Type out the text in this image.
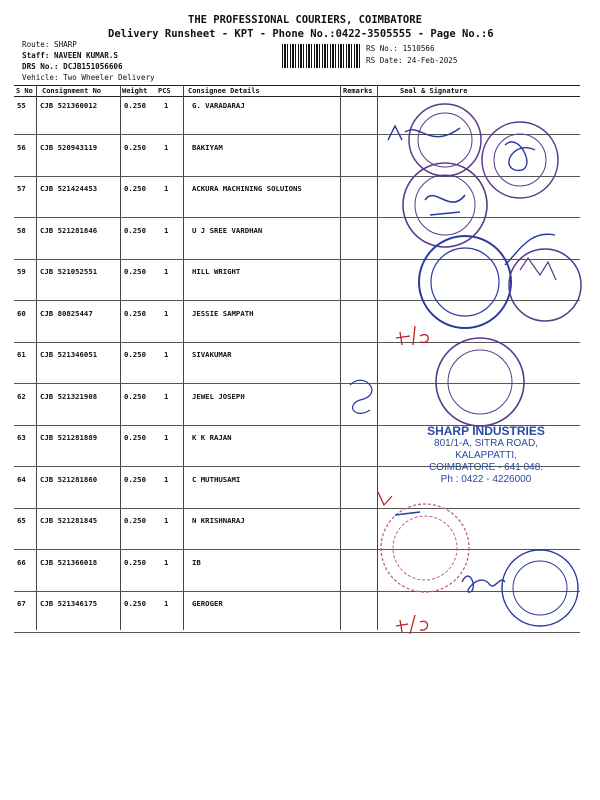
THE PROFESSIONAL COURIERS, COIMBATORE
Delivery Runsheet - KPT - Phone No.:0422-3505555 - Page No.:6
Route: SHARP
Staff: NAVEEN KUMAR.S
DRS No.: DCJB151056606
Vehicle: Two Wheeler Delivery
RS No.: 1510566
RS Date: 24-Feb-2025
S No Consignment No	Weight PCS Consignee Details	Remarks	Seal & Signature
55 CJB 521360012	0.250 1	G. VARADARAJ
56 CJB 520943119	0.250 1	BAKIYAM
57 CJB 521424453	0.250 1	ACKURA MACHINING SOLUIONS
58 CJB 521281846	0.250 1	U J SREE VARDHAN
59 CJB 521052551	0.250 1	HILL WRIGHT
60 CJB 80825447	0.250 1	JESSIE SAMPATH
61 CJB 521346051	0.250 1	SIVAKUMAR
62 CJB 521321908	0.250 1	JEWEL JOSEPH
63 CJB 521281889	0.250 1	K K RAJAN
64 CJB 521281860	0.250 1	C MUTHUSAMI
65 CJB 521281845	0.250 1	N KRISHNARAJ
66 CJB 521366018	0.250 1	IB
67 CJB 521346175	0.250 1	GEROGER
SHARP INDUSTRIES
801/1-A, SITRA ROAD,
KALAPPATTI,
COIMBATORE - 641 048.
Ph : 0422 - 4226000
